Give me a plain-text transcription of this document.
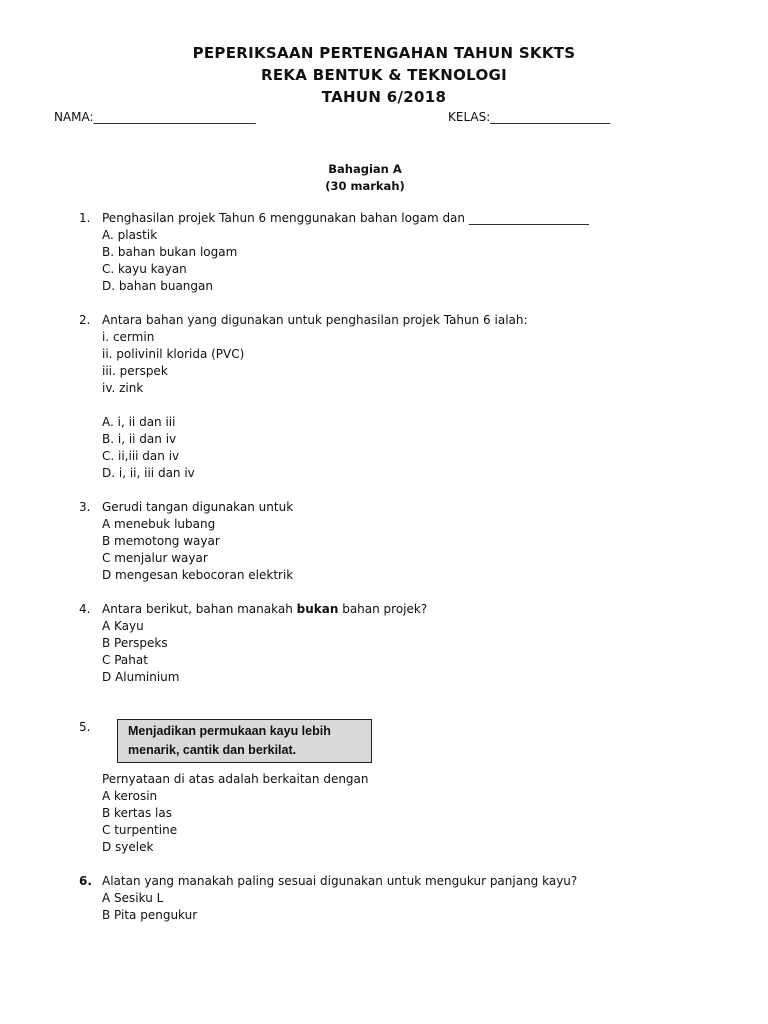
PEPERIKSAAN PERTENGAHAN TAHUN SKKTS
REKA BENTUK & TEKNOLOGI
TAHUN 6/2018
NAMA:___________________________	KELAS:____________________
Bahagian A
(30 markah)
1. Penghasilan projek Tahun 6 menggunakan bahan logam dan ____________________
A. plastik
B. bahan bukan logam
C. kayu kayan
D. bahan buangan
2. Antara bahan yang digunakan untuk penghasilan projek Tahun 6 ialah:
i. cermin
ii. polivinil klorida (PVC)
iii. perspek
iv. zink
A. i, ii dan iii
B. i, ii dan iv
C. ii,iii dan iv
D. i, ii, iii dan iv
3. Gerudi tangan digunakan untuk
A menebuk lubang
B memotong wayar
C menjalur wayar
D mengesan kebocoran elektrik
4. Antara berikut, bahan manakah bukan bahan projek?
A Kayu
B Perspeks
C Pahat
D Aluminium
5.	Menjadikan permukaan kayu lebih menarik, cantik dan berkilat.
Pernyataan di atas adalah berkaitan dengan
A kerosin
B kertas las
C turpentine
D syelek
6. Alatan yang manakah paling sesuai digunakan untuk mengukur panjang kayu?
A Sesiku L
B Pita pengukur
